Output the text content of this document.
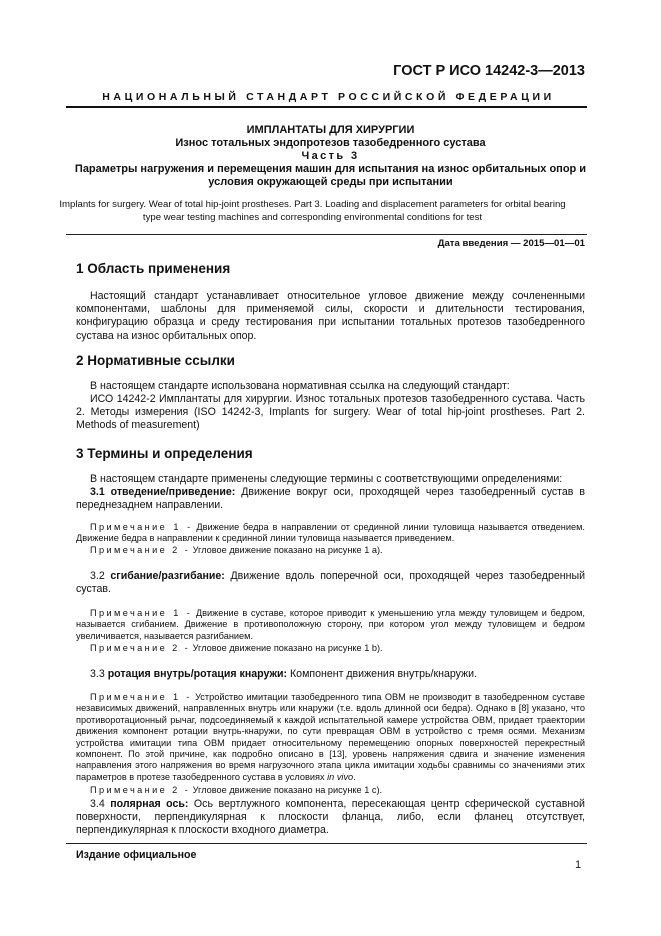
ГОСТ Р ИСО 14242-3—2013
НАЦИОНАЛЬНЫЙ СТАНДАРТ РОССИЙСКОЙ ФЕДЕРАЦИИ
ИМПЛАНТАТЫ ДЛЯ ХИРУРГИИ
Износ тотальных эндопротезов тазобедренного сустава
Часть 3
Параметры нагружения и перемещения машин для испытания на износ орбитальных опор и
условия окружающей среды при испытании
Implants for surgery. Wear of total hip-joint prostheses. Part 3. Loading and displacement parameters for orbital bearing
type wear testing machines and corresponding environmental conditions for test
Дата введения — 2015—01—01
1 Область применения
Настоящий стандарт устанавливает относительное угловое движение между сочлененными компонентами, шаблоны для применяемой силы, скорости и длительности тестирования, конфигурацию образца и среду тестирования при испытании тотальных протезов тазобедренного сустава на износ орбитальных опор.
2 Нормативные ссылки
В настоящем стандарте использована нормативная ссылка на следующий стандарт:
ИСО 14242-2 Имплантаты для хирургии. Износ тотальных протезов тазобедренного сустава. Часть 2. Методы измерения (ISO 14242-3, Implants for surgery. Wear of total hip-joint prostheses. Part 2. Methods of measurement)
3 Термины и определения
В настоящем стандарте применены следующие термины с соответствующими определениями:
3.1 отведение/приведение: Движение вокруг оси, проходящей через тазобедренный сустав в переднезаднем направлении.
Примечание 1 - Движение бедра в направлении от срединной линии туловища называется отведением. Движение бедра в направлении к срединной линии туловища называется приведением.
Примечание 2 - Угловое движение показано на рисунке 1 a).
3.2 сгибание/разгибание: Движение вдоль поперечной оси, проходящей через тазобедренный сустав.
Примечание 1 - Движение в суставе, которое приводит к уменьшению угла между туловищем и бедром, называется сгибанием. Движение в противоположную сторону, при котором угол между туловищем и бедром увеличивается, называется разгибанием.
Примечание 2 - Угловое движение показано на рисунке 1 b).
3.3 ротация внутрь/ротация кнаружи: Компонент движения внутрь/кнаружи.
Примечание 1 - Устройство имитации тазобедренного типа ОВМ не производит в тазобедренном суставе независимых движений, направленных внутрь или кнаружи (т.е. вдоль длинной оси бедра). Однако в [8] указано, что противоротационный рычаг, подсоединяемый к каждой испытательной камере устройства ОВМ, придает траектории движения компонент ротации внутрь-кнаружи, по сути превращая ОВМ в устройство с тремя осями. Механизм устройства имитации типа ОВМ придает относительному перемещению опорных поверхностей перекрестный компонент. По этой причине, как подробно описано в [13], уровень напряжения сдвига и значение изменения направления этого напряжения во время нагрузочного этапа цикла имитации ходьбы сравнимы со значениями этих параметров в протезе тазобедренного сустава в условиях in vivo.
Примечание 2 - Угловое движение показано на рисунке 1 c).
3.4 полярная ось: Ось вертлужного компонента, пересекающая центр сферической суставной поверхности, перпендикулярная к плоскости фланца, либо, если фланец отсутствует, перпендикулярная к плоскости входного диаметра.
Издание официальное
1
